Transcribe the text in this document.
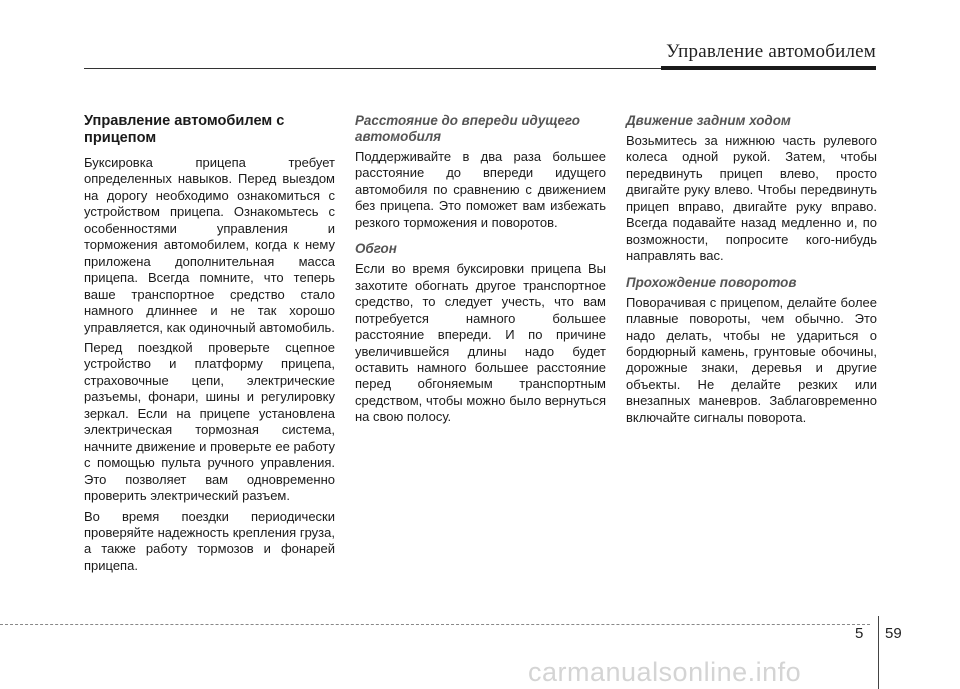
Управление автомобилем
Управление автомобилем с прицепом

Буксировка прицепа требует определенных навыков. Перед выездом на дорогу необходимо ознакомиться с устройством прицепа. Ознакомьтесь с особенностями управления и торможения автомобилем, когда к нему приложена дополнительная масса прицепа. Всегда помните, что теперь ваше транспортное средство стало намного длиннее и не так хорошо управляется, как одиночный автомобиль.

Перед поездкой проверьте сцепное устройство и платформу прицепа, страховочные цепи, электрические разъемы, фонари, шины и регулировку зеркал. Если на прицепе установлена электрическая тормозная система, начните движение и проверьте ее работу с помощью пульта ручного управления. Это позволяет вам одновременно проверить электрический разъем.

Во время поездки периодически проверяйте надежность крепления груза, а также работу тормозов и фонарей прицепа.

Расстояние до впереди идущего автомобиля

Поддерживайте в два раза большее расстояние до впереди идущего автомобиля по сравнению с движением без прицепа. Это поможет вам избежать резкого торможения и поворотов.

Обгон

Если во время буксировки прицепа Вы захотите обогнать другое транспортное средство, то следует учесть, что вам потребуется намного большее расстояние впереди. И по причине увеличившейся длины надо будет оставить намного большее расстояние перед обгоняемым транспортным средством, чтобы можно было вернуться на свою полосу.

Движение задним ходом

Возьмитесь за нижнюю часть рулевого колеса одной рукой. Затем, чтобы передвинуть прицеп влево, просто двигайте руку влево. Чтобы передвинуть прицеп вправо, двигайте руку вправо. Всегда подавайте назад медленно и, по возможности, попросите кого-нибудь направлять вас.

Прохождение поворотов

Поворачивая с прицепом, делайте более плавные повороты, чем обычно. Это надо делать, чтобы не удариться о бордюрный камень, грунтовые обочины, дорожные знаки, деревья и другие объекты. Не делайте резких или внезапных маневров. Заблаговременно включайте сигналы поворота.

5 59
carmanualsonline.info
